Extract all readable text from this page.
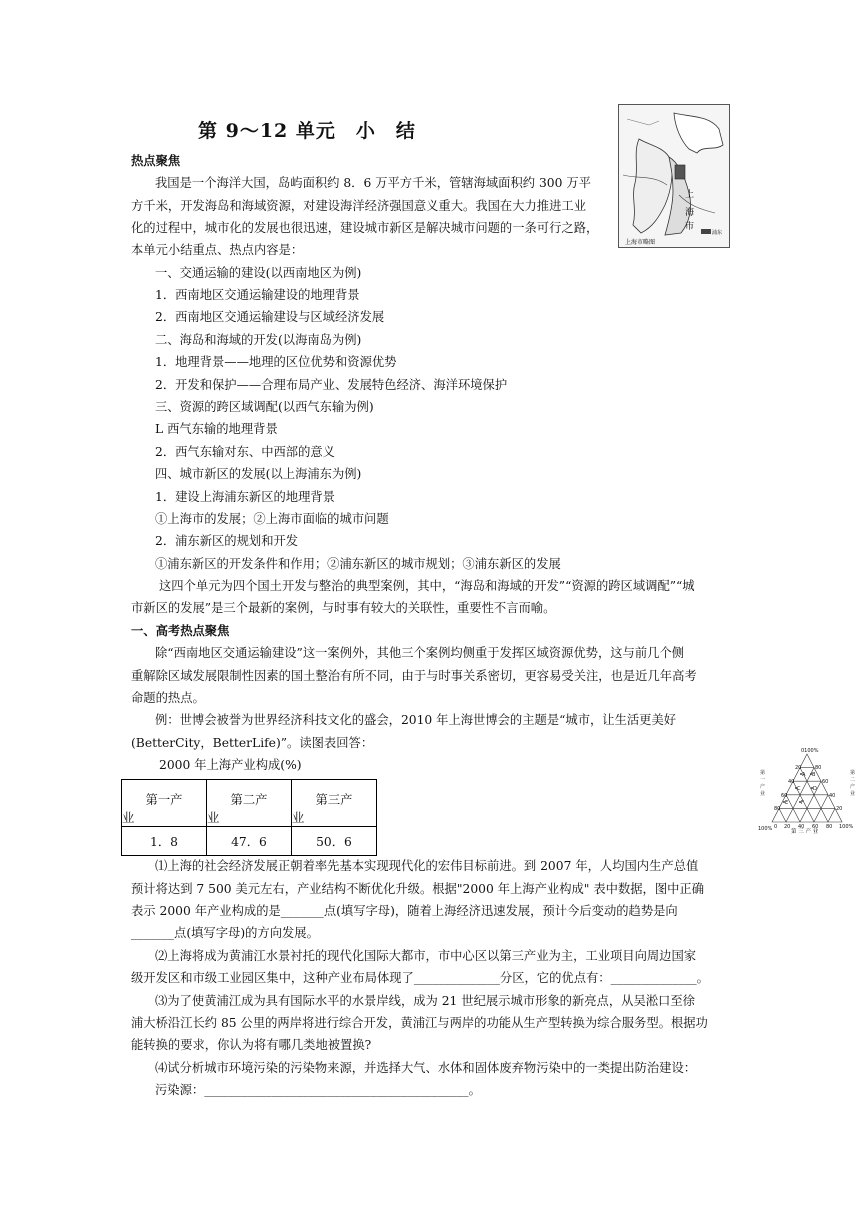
第 9～12 单元　小　结
上
海
市
浦东
上海市略图
热点聚焦
我国是一个海洋大国，岛屿面积约 8．6 万平方千米，管辖海域面积约 300 万平
方千米，开发海岛和海域资源，对建设海洋经济强国意义重大。我国在大力推进工业
化的过程中，城市化的发展也很迅速，建设城市新区是解决城市问题的一条可行之路，
本单元小结重点、热点内容是：
一、交通运输的建设(以西南地区为例)
1．西南地区交通运输建设的地理背景
2．西南地区交通运输建设与区域经济发展
二、海岛和海域的开发(以海南岛为例)
1．地理背景——地理的区位优势和资源优势
2．开发和保护——合理布局产业、发展特色经济、海洋环境保护
三、资源的跨区域调配(以西气东输为例)
L 西气东输的地理背景
2．西气东输对东、中西部的意义
四、城市新区的发展(以上海浦东为例)
1．建设上海浦东新区的地理背景
①上海市的发展；②上海市面临的城市问题
2．浦东新区的规划和开发
①浦东新区的开发条件和作用；②浦东新区的城市规划；③浦东新区的发展
这四个单元为四个国土开发与整治的典型案例，其中，“海岛和海域的开发”“资源的跨区域调配”“城
市新区的发展”是三个最新的案例，与时事有较大的关联性，重要性不言而喻。
一、高考热点聚焦
除“西南地区交通运输建设”这一案例外，其他三个案例均侧重于发挥区域资源优势，这与前几个侧
重解除区域发展限制性因素的国土整治有所不同，由于与时事关系密切，更容易受关注，也是近几年高考
命题的热点。
例：世博会被誉为世界经济科技文化的盛会，2010 年上海世博会的主题是“城市，让生活更美好
(BetterCity，BetterLife)”。读图表回答：
2000 年上海产业构成(%)
第一产
业	第二产
业	第三产
业

1．8	47．6	50．6
0100%
100%	第 三 产 业
0 20 40 60 80 100%
20
40
60
80
80
60
40
20
第
一
产
业
第
二
产
业
A B
C	D
E	F
⑴上海的社会经济发展正朝着率先基本实现现代化的宏伟目标前进。到 2007 年，人均国内生产总值
预计将达到 7 500 美元左右，产业结构不断优化升级。根据"2000 年上海产业构成" 表中数据，图中正确
表示 2000 年产业构成的是_______点(填写字母)，随着上海经济迅速发展，预计今后变动的趋势是向
_______点(填写字母)的方向发展。
⑵上海将成为黄浦江水景衬托的现代化国际大都市，市中心区以第三产业为主，工业项目向周边国家
级开发区和市级工业园区集中，这种产业布局体现了______________分区，它的优点有：______________。
⑶为了使黄浦江成为具有国际水平的水景岸线，成为 21 世纪展示城市形象的新亮点，从吴淞口至徐
浦大桥沿江长约 85 公里的两岸将进行综合开发，黄浦江与两岸的功能从生产型转换为综合服务型。根据功
能转换的要求，你认为将有哪几类地被置换?
⑷试分析城市环境污染的污染物来源，并选择大气、水体和固体废弃物污染中的一类提出防治建设：
污染源：___________________________________________。
